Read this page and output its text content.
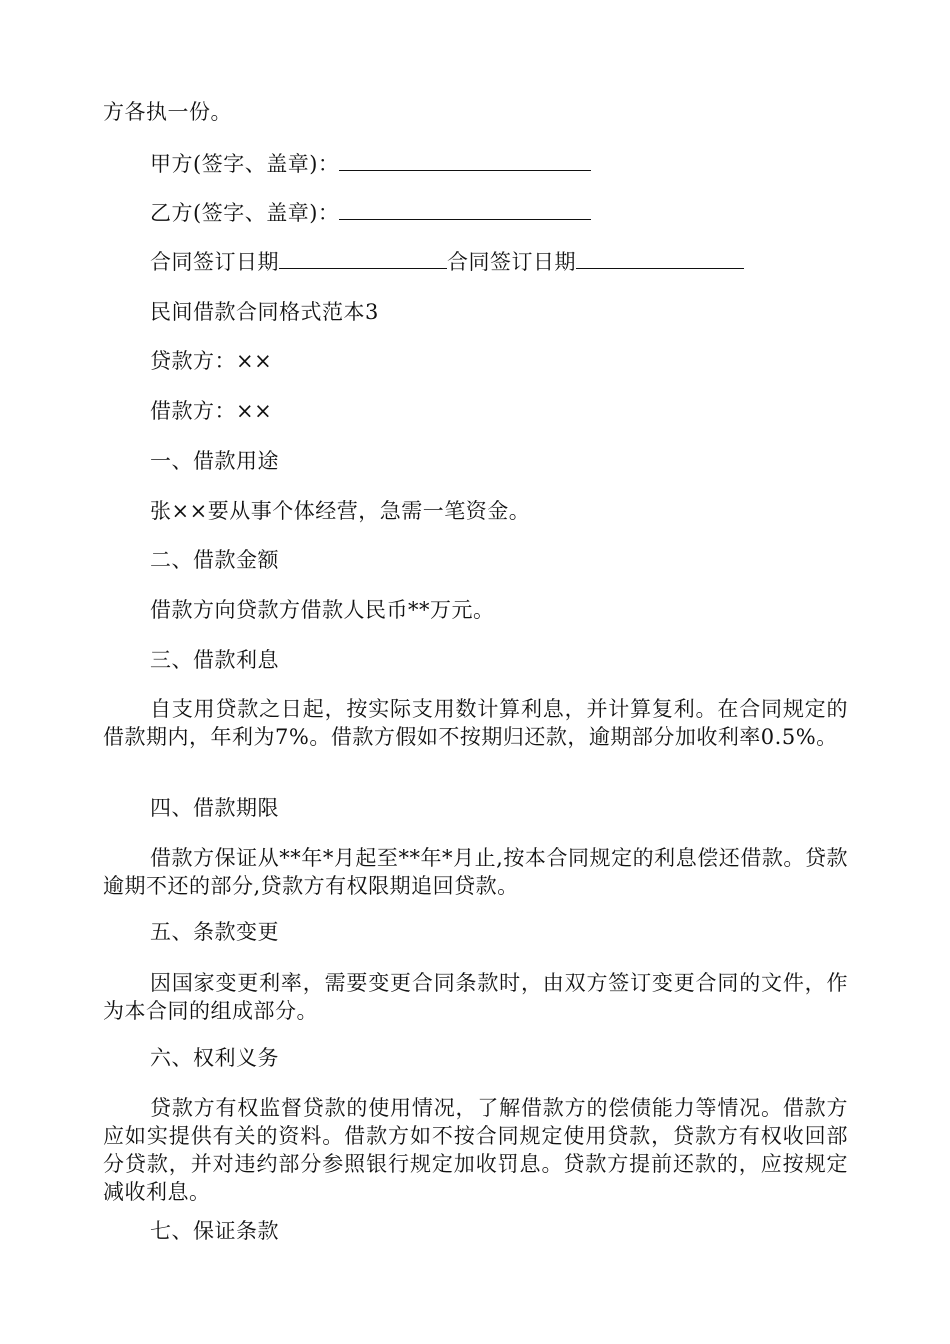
方各执一份。
甲方(签字、盖章)：
乙方(签字、盖章)：
合同签订日期	合同签订日期
民间借款合同格式范本3
贷款方：××
借款方：××
一、借款用途
张××要从事个体经营，急需一笔资金。
二、借款金额
借款方向贷款方借款人民币**万元。
三、借款利息
自支用贷款之日起，按实际支用数计算利息，并计算复利。在合同规定的借款期内，年利为7%。借款方假如不按期归还款，逾期部分加收利率0.5%。
四、借款期限
借款方保证从**年*月起至**年*月止,按本合同规定的利息偿还借款。贷款逾期不还的部分,贷款方有权限期追回贷款。
五、条款变更
因国家变更利率，需要变更合同条款时，由双方签订变更合同的文件，作为本合同的组成部分。
六、权利义务
贷款方有权监督贷款的使用情况，了解借款方的偿债能力等情况。借款方应如实提供有关的资料。借款方如不按合同规定使用贷款，贷款方有权收回部分贷款，并对违约部分参照银行规定加收罚息。贷款方提前还款的，应按规定减收利息。
七、保证条款
